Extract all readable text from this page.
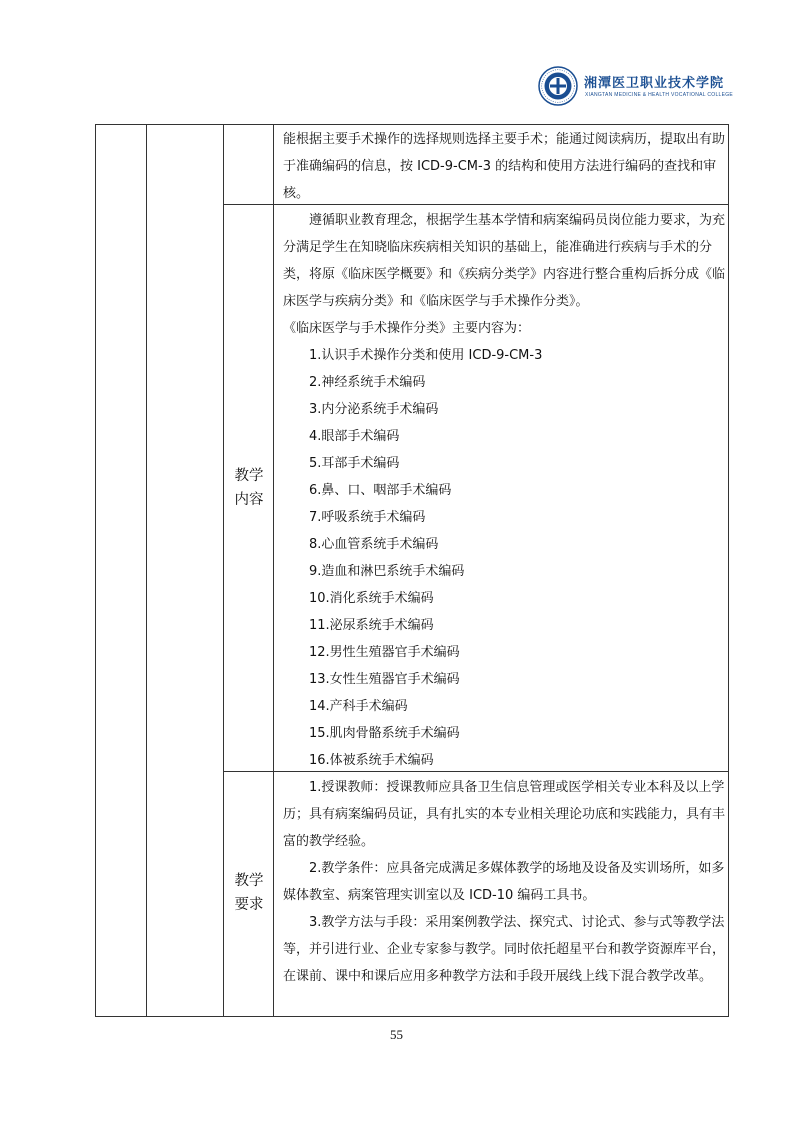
湘潭医卫职业技术学院
XIANGTAN MEDICINE & HEALTH VOCATIONAL COLLEGE

能根据主要手术操作的选择规则选择主要手术；能通过阅读病历，提取出有助于准确编码的信息，按 ICD-9-CM-3 的结构和使用方法进行编码的查找和审核。

教学
内容

遵循职业教育理念，根据学生基本学情和病案编码员岗位能力要求，为充分满足学生在知晓临床疾病相关知识的基础上，能准确进行疾病与手术的分类，将原《临床医学概要》和《疾病分类学》内容进行整合重构后拆分成《临床医学与疾病分类》和《临床医学与手术操作分类》。

《临床医学与手术操作分类》主要内容为：

1.认识手术操作分类和使用 ICD-9-CM-3

2.神经系统手术编码

3.内分泌系统手术编码

4.眼部手术编码

5.耳部手术编码

6.鼻、口、咽部手术编码

7.呼吸系统手术编码

8.心血管系统手术编码

9.造血和淋巴系统手术编码

10.消化系统手术编码

11.泌尿系统手术编码

12.男性生殖器官手术编码

13.女性生殖器官手术编码

14.产科手术编码

15.肌肉骨骼系统手术编码

16.体被系统手术编码

教学
要求

1.授课教师：授课教师应具备卫生信息管理或医学相关专业本科及以上学历；具有病案编码员证，具有扎实的本专业相关理论功底和实践能力，具有丰富的教学经验。

2.教学条件：应具备完成满足多媒体教学的场地及设备及实训场所，如多媒体教室、病案管理实训室以及 ICD-10 编码工具书。

3.教学方法与手段：采用案例教学法、探究式、讨论式、参与式等教学法等，并引进行业、企业专家参与教学。同时依托超星平台和教学资源库平台，在课前、课中和课后应用多种教学方法和手段开展线上线下混合教学改革。

55
